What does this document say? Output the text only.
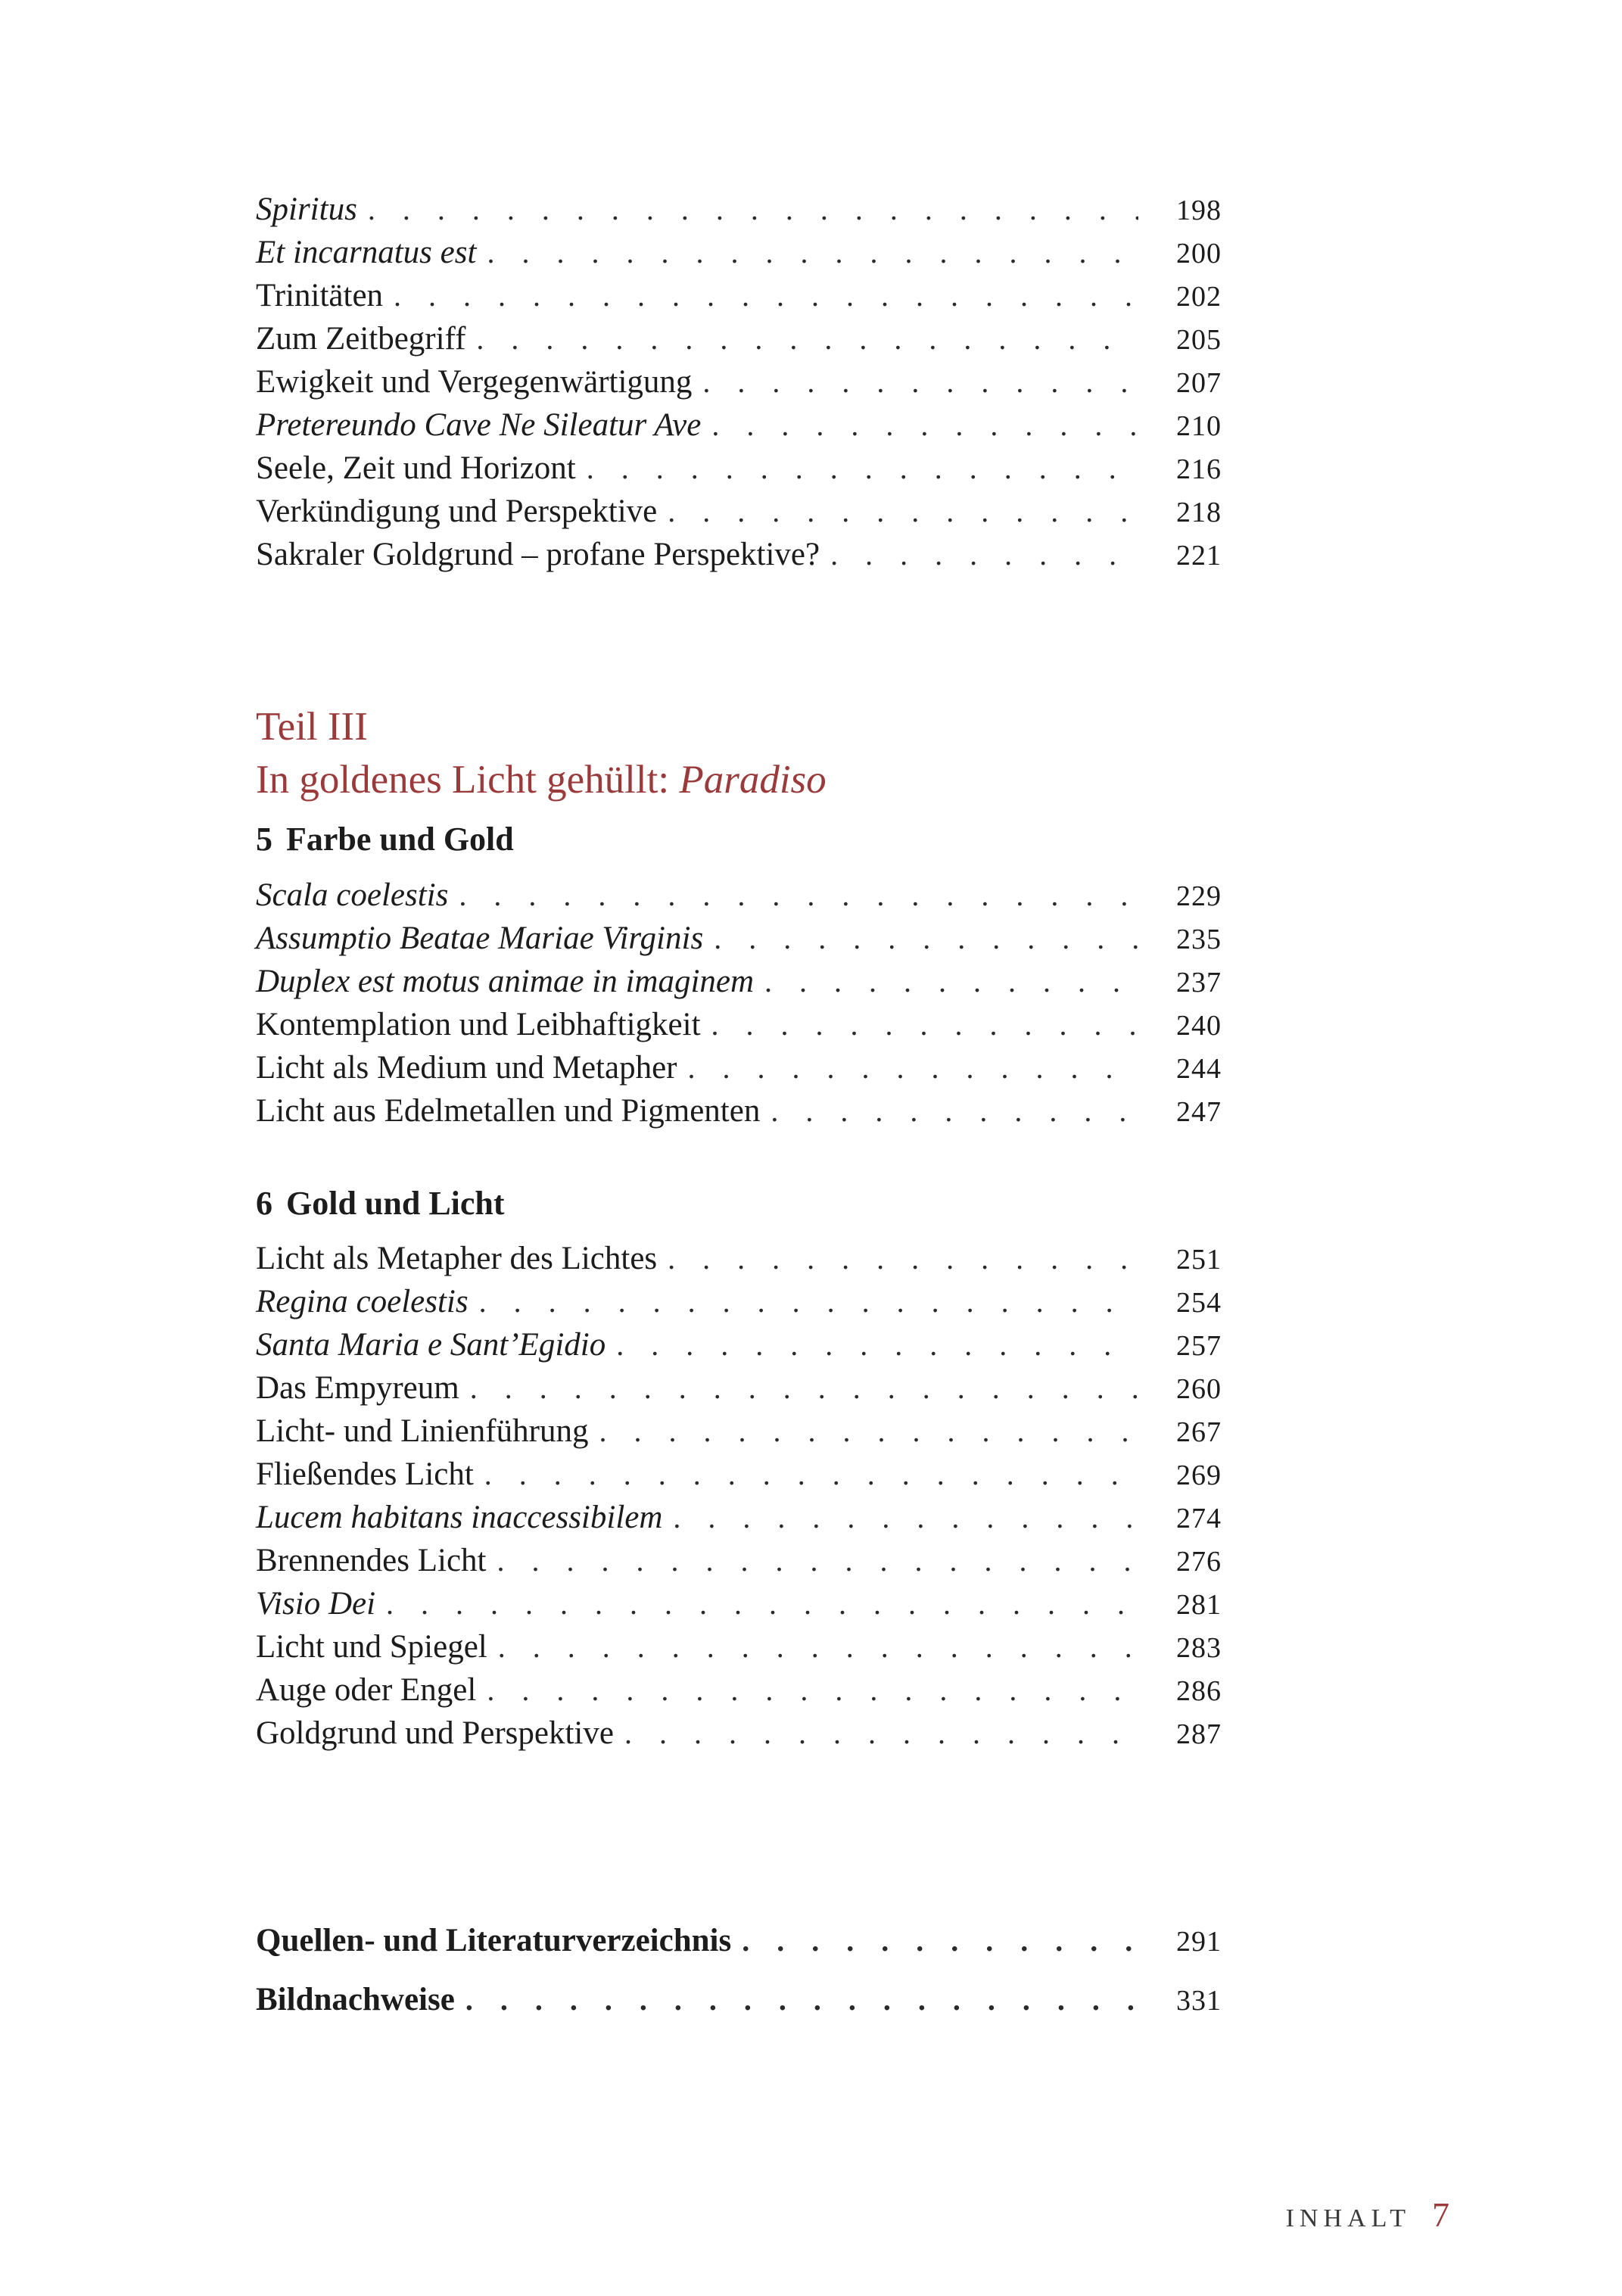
Spiritus . . .	198
Et incarnatus est . . .	200
Trinitäten . . .	202
Zum Zeitbegriff . . .	205
Ewigkeit und Vergegenwärtigung . . .	207
Pretereundo Cave Ne Sileatur Ave . . .	210
Seele, Zeit und Horizont . . .	216
Verkündigung und Perspektive . . .	218
Sakraler Goldgrund – profane Perspektive? . . .	221
Teil III
In goldenes Licht gehüllt: Paradiso
5 Farbe und Gold
Scala coelestis . . .	229
Assumptio Beatae Mariae Virginis . . .	235
Duplex est motus animae in imaginem . . .	237
Kontemplation und Leibhaftigkeit . . .	240
Licht als Medium und Metapher . . .	244
Licht aus Edelmetallen und Pigmenten . . .	247
6 Gold und Licht
Licht als Metapher des Lichtes . . .	251
Regina coelestis . . .	254
Santa Maria e Sant’Egidio . . .	257
Das Empyreum . . .	260
Licht- und Linienführung . . .	267
Fließendes Licht . . .	269
Lucem habitans inaccessibilem . . .	274
Brennendes Licht . . .	276
Visio Dei . . .	281
Licht und Spiegel . . .	283
Auge oder Engel . . .	286
Goldgrund und Perspektive . . .	287
Quellen- und Literaturverzeichnis . . .	291
Bildnachweise . . .	331
INHALT 7
